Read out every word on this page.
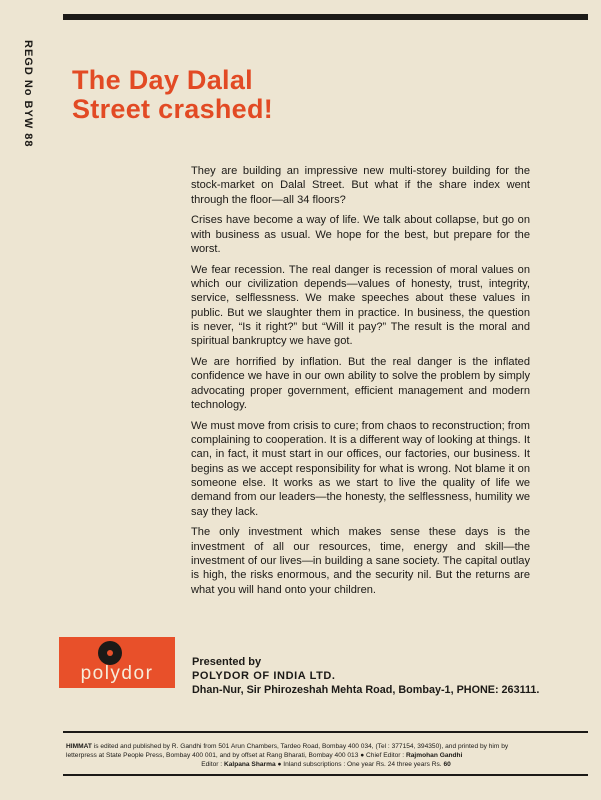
REGD No BYW 88 The Day Dalal
Street crashed!

They are building an impressive new multi-storey building for the stock-market on Dalal Street. But what if the share index went through the floor—all 34 floors?

Crises have become a way of life. We talk about collapse, but go on with business as usual. We hope for the best, but prepare for the worst.

We fear recession. The real danger is recession of moral values on which our civilization depends—values of honesty, trust, integrity, service, selflessness. We make speeches about these values in public. But we slaughter them in practice. In business, the question is never, “Is it right?” but “Will it pay?” The result is the moral and spiritual bankruptcy we have got.

We are horrified by inflation. But the real danger is the inflated confidence we have in our own ability to solve the problem by simply advocating proper government, efficient management and modern technology.

We must move from crisis to cure; from chaos to reconstruction; from complaining to cooperation. It is a different way of looking at things. It can, in fact, it must start in our offices, our factories, our business. It begins as we accept responsibility for what is wrong. Not blame it on someone else. It works as we start to live the quality of life we demand from our leaders—the honesty, the selflessness, humility we say they lack.

The only investment which makes sense these days is the investment of all our resources, time, energy and skill—the investment of our lives—in building a sane society. The capital outlay is high, the risks enormous, and the security nil. But the returns are what you will hand onto your children.

polydor
Presented by
POLYDOR OF INDIA LTD.
Dhan-Nur, Sir Phirozeshah Mehta Road, Bombay-1, PHONE: 263111.
HIMMAT is edited and published by R. Gandhi from 501 Arun Chambers, Tardeo Road, Bombay 400 034, (Tel : 377154, 394350), and printed by him by
letterpress at State People Press, Bombay 400 001, and by offset at Rang Bharati, Bombay 400 013 ● Chief Editor : Rajmohan Gandhi
Editor : Kalpana Sharma ● Inland subscriptions : One year Rs. 24 three years Rs. 60
